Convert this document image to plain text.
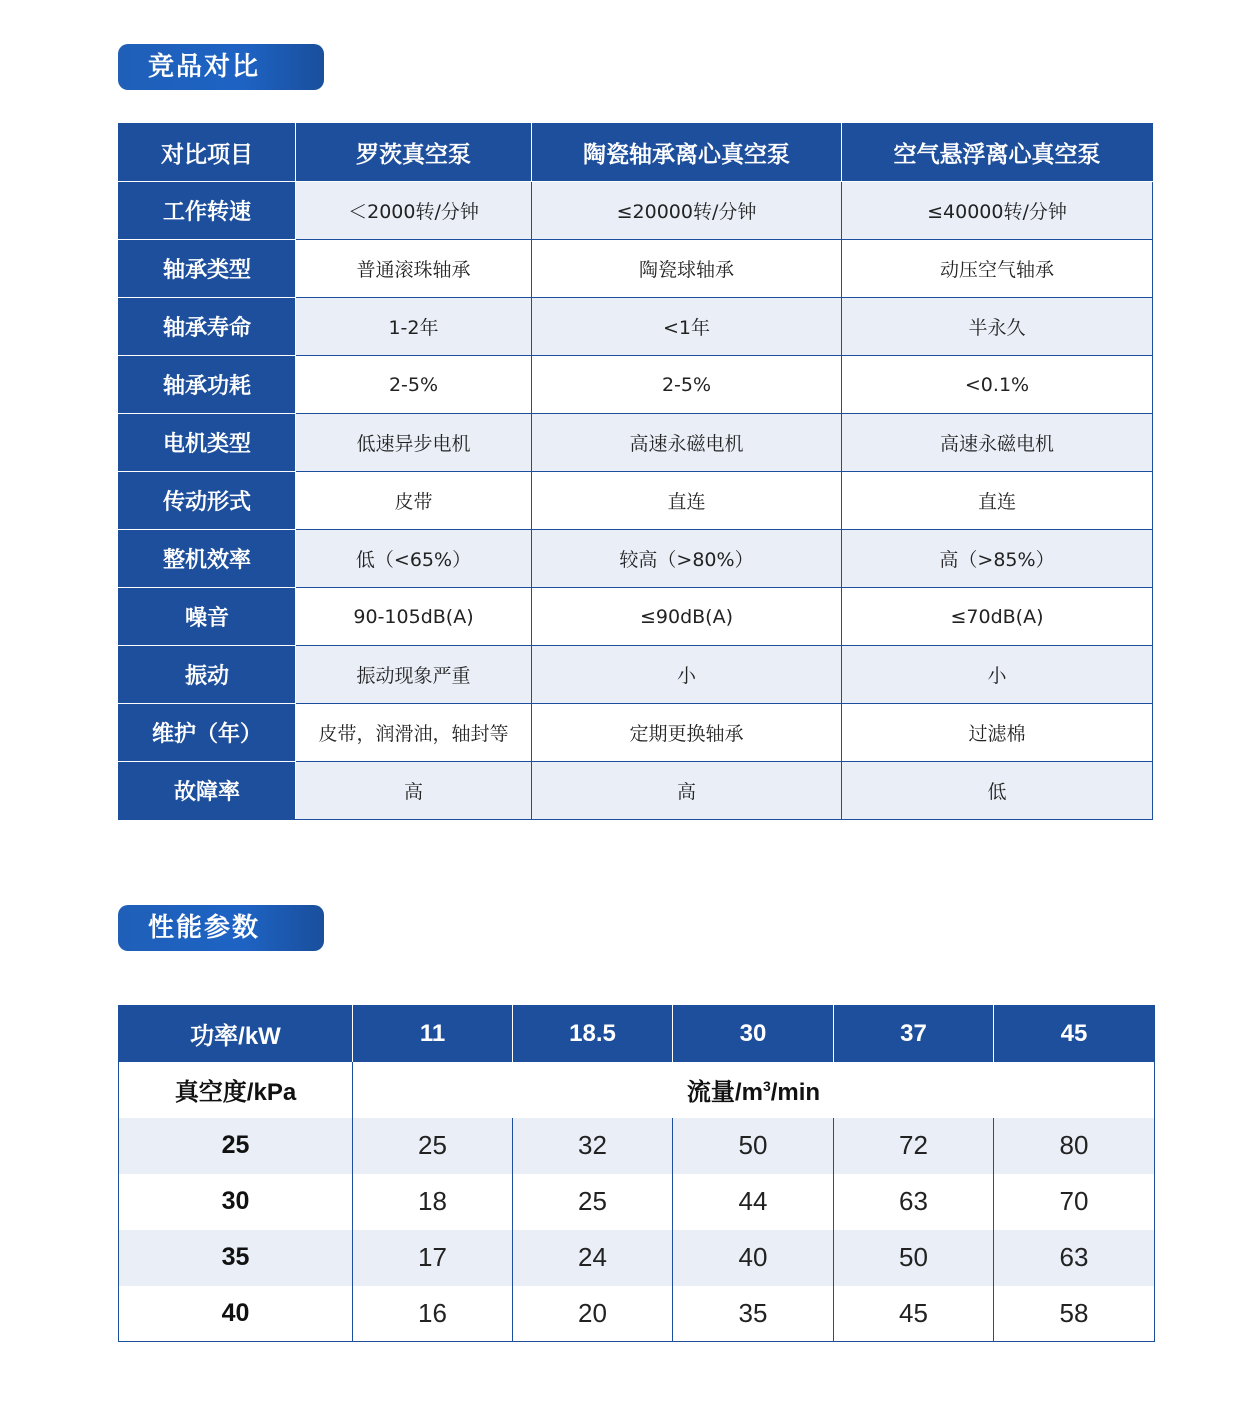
竞品对比
对比项目	罗茨真空泵	陶瓷轴承离心真空泵	空气悬浮离心真空泵
工作转速	＜2000转/分钟	≤20000转/分钟	≤40000转/分钟
轴承类型	普通滚珠轴承	陶瓷球轴承	动压空气轴承
轴承寿命	1-2年	<1年	半永久
轴承功耗	2-5%	2-5%	<0.1%
电机类型	低速异步电机	高速永磁电机	高速永磁电机
传动形式	皮带	直连	直连
整机效率	低（<65%）	较高（>80%）	高（>85%）
噪音	90-105dB(A)	≤90dB(A)	≤70dB(A)
振动	振动现象严重	小	小
维护（年）	皮带，润滑油，轴封等	定期更换轴承	过滤棉
故障率	高	高	低
性能参数
功率/kW	11	18.5	30	37	45
真空度/kPa	流量$/m^3/\min$				
25	25	32	50	72	80
30	18	25	44	63	70
35	17	24	40	50	63
40	16	20	35	45	58
